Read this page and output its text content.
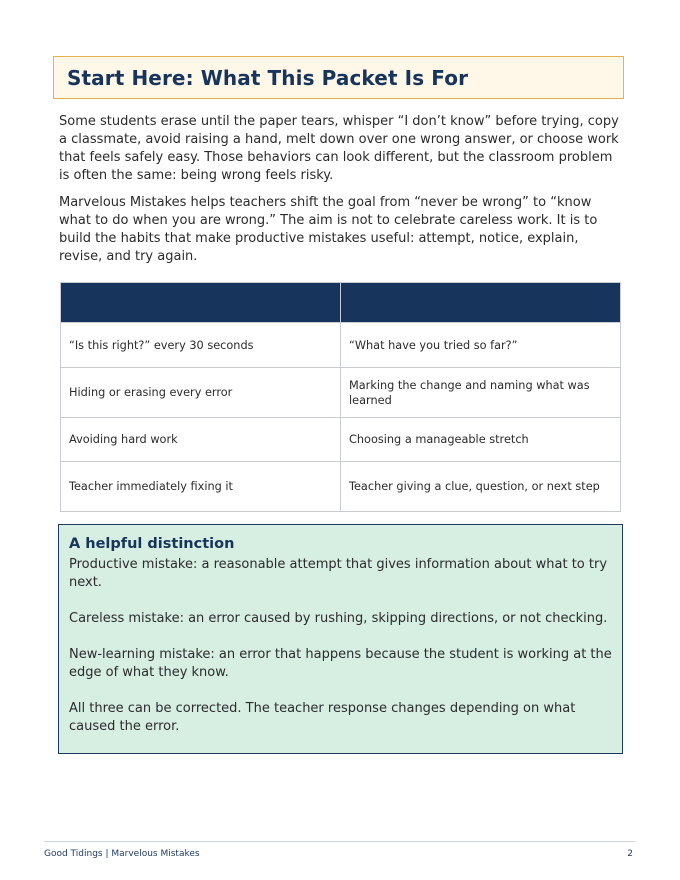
Start Here: What This Packet Is For

Some students erase until the paper tears, whisper “I don’t know” before trying, copy a classmate, avoid raising a hand, melt down over one wrong answer, or choose work that feels safely easy. Those behaviors can look different, but the classroom problem is often the same: being wrong feels risky.

Marvelous Mistakes helps teachers shift the goal from “never be wrong” to “know what to do when you are wrong.” The aim is not to celebrate careless work. It is to build the habits that make productive mistakes useful: attempt, notice, explain, revise, and try again.

“Is this right?” every 30 seconds	“What have you tried so far?”
Hiding or erasing every error	Marking the change and naming what was learned
Avoiding hard work	Choosing a manageable stretch
Teacher immediately fixing it	Teacher giving a clue, question, or next step
A helpful distinction

Productive mistake: a reasonable attempt that gives information about what to try next.

Careless mistake: an error caused by rushing, skipping directions, or not checking.

New-learning mistake: an error that happens because the student is working at the edge of what they know.

All three can be corrected. The teacher response changes depending on what caused the error.

Good Tidings | Marvelous Mistakes	2
